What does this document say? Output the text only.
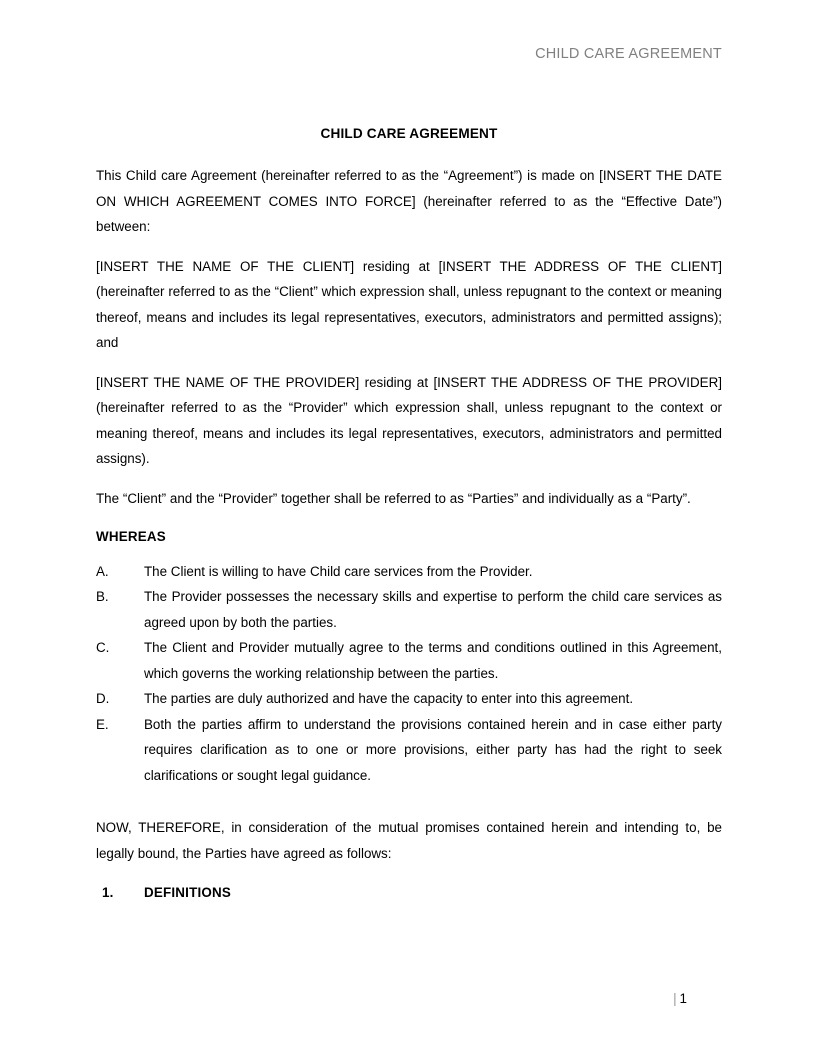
CHILD CARE AGREEMENT
CHILD CARE AGREEMENT

This Child care Agreement (hereinafter referred to as the “Agreement”) is made on [INSERT THE DATE ON WHICH AGREEMENT COMES INTO FORCE] (hereinafter referred to as the “Effective Date”) between:

[INSERT THE NAME OF THE CLIENT] residing at [INSERT THE ADDRESS OF THE CLIENT] (hereinafter referred to as the “Client” which expression shall, unless repugnant to the context or meaning thereof, means and includes its legal representatives, executors, administrators and permitted assigns); and

[INSERT THE NAME OF THE PROVIDER] residing at [INSERT THE ADDRESS OF THE PROVIDER] (hereinafter referred to as the “Provider” which expression shall, unless repugnant to the context or meaning thereof, means and includes its legal representatives, executors, administrators and permitted assigns).

The “Client” and the “Provider” together shall be referred to as “Parties” and individually as a “Party”.

WHEREAS
A.	The Client is willing to have Child care services from the Provider.
B.	The Provider possesses the necessary skills and expertise to perform the child care services as agreed upon by both the parties.
C.	The Client and Provider mutually agree to the terms and conditions outlined in this Agreement, which governs the working relationship between the parties.
D.	The parties are duly authorized and have the capacity to enter into this agreement.
E.	Both the parties affirm to understand the provisions contained herein and in case either party requires clarification as to one or more provisions, either party has had the right to seek clarifications or sought legal guidance.

NOW, THEREFORE, in consideration of the mutual promises contained herein and intending to, be legally bound, the Parties have agreed as follows:

1. DEFINITIONS
| 1
